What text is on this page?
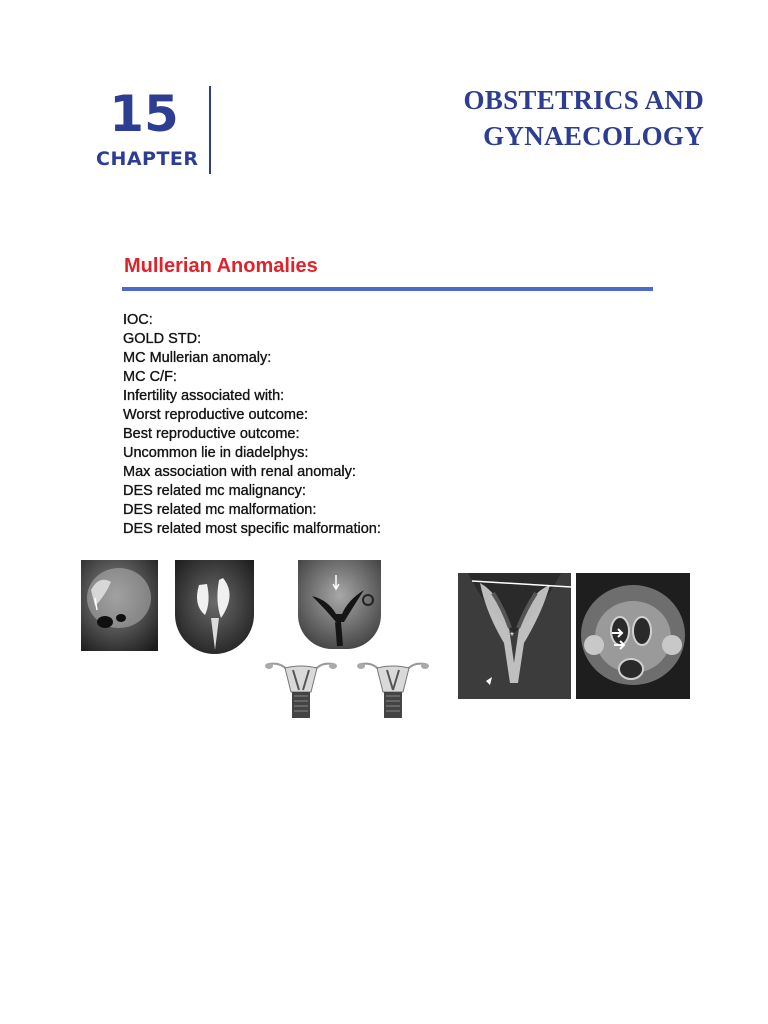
15
CHAPTER
OBSTETRICS AND
GYNAECOLOGY
Mullerian Anomalies
IOC:
GOLD STD:
MC Mullerian anomaly:
MC C/F:
Infertility associated with:
Worst reproductive outcome:
Best reproductive outcome:
Uncommon lie in diadelphys:
Max association with renal anomaly:
DES related mc malignancy:
DES related mc malformation:
DES related most specific malformation:
*
